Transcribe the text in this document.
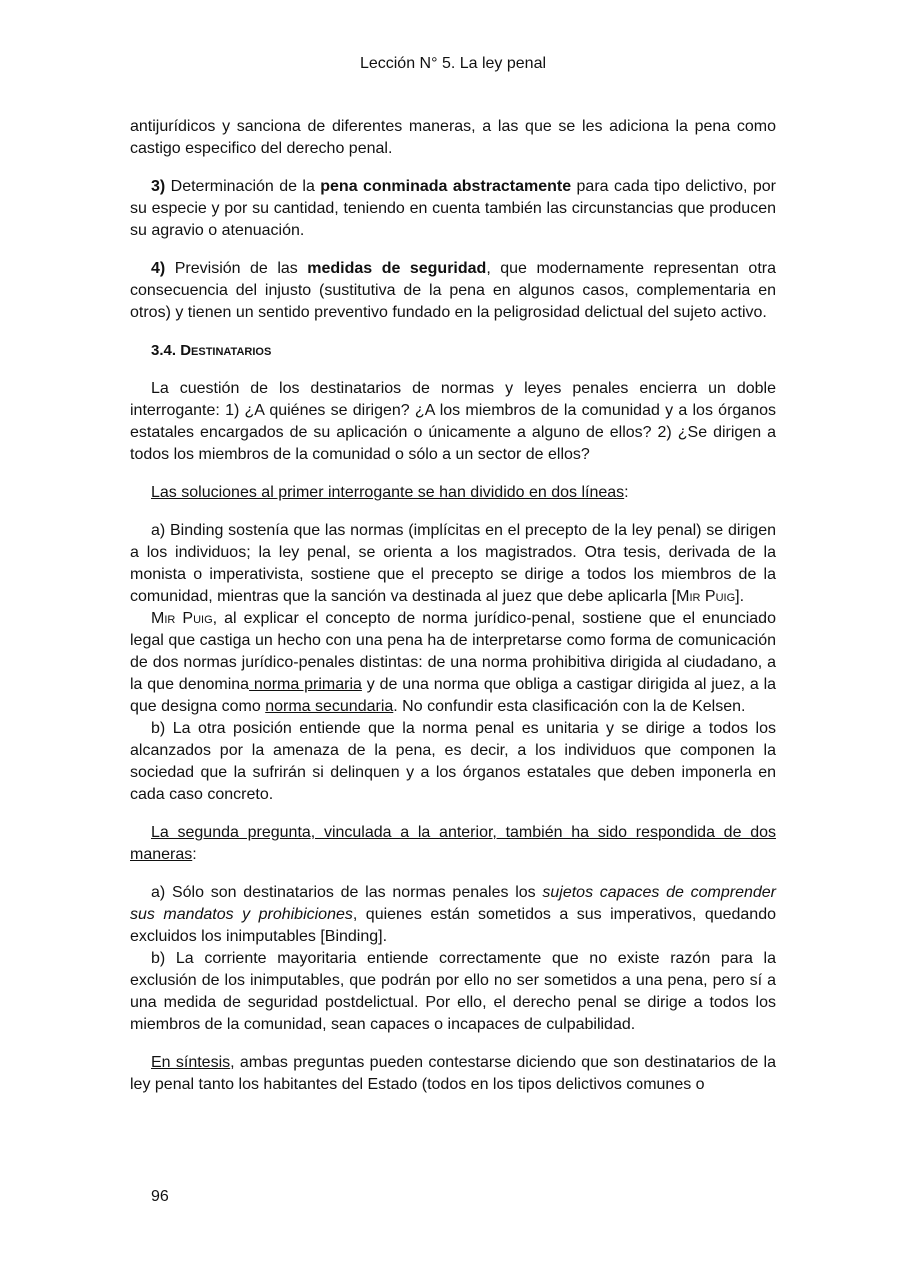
Lección N° 5. La ley penal

antijurídicos y sanciona de diferentes maneras, a las que se les adiciona la pena como castigo especifico del derecho penal.

3) Determinación de la pena conminada abstractamente para cada tipo delictivo, por su especie y por su cantidad, teniendo en cuenta también las circunstancias que producen su agravio o atenuación.

4) Previsión de las medidas de seguridad, que modernamente representan otra consecuencia del injusto (sustitutiva de la pena en algunos casos, complementaria en otros) y tienen un sentido preventivo fundado en la peligrosidad delictual del sujeto activo.

3.4. Destinatarios

La cuestión de los destinatarios de normas y leyes penales encierra un doble interrogante: 1) ¿A quiénes se dirigen? ¿A los miembros de la comunidad y a los órganos estatales encargados de su aplicación o únicamente a alguno de ellos? 2) ¿Se dirigen a todos los miembros de la comunidad o sólo a un sector de ellos?

Las soluciones al primer interrogante se han dividido en dos líneas:

a) Binding sostenía que las normas (implícitas en el precepto de la ley penal) se dirigen a los individuos; la ley penal, se orienta a los magistrados. Otra tesis, derivada de la monista o imperativista, sostiene que el precepto se dirige a todos los miembros de la comunidad, mientras que la sanción va destinada al juez que debe aplicarla [Mir Puig].

Mir Puig, al explicar el concepto de norma jurídico-penal, sostiene que el enunciado legal que castiga un hecho con una pena ha de interpretarse como forma de comunicación de dos normas jurídico-penales distintas: de una norma prohibitiva dirigida al ciudadano, a la que denomina norma primaria y de una norma que obliga a castigar dirigida al juez, a la que designa como norma secundaria. No confundir esta clasificación con la de Kelsen.

b) La otra posición entiende que la norma penal es unitaria y se dirige a todos los alcanzados por la amenaza de la pena, es decir, a los individuos que componen la sociedad que la sufrirán si delinquen y a los órganos estatales que deben imponerla en cada caso concreto.

La segunda pregunta, vinculada a la anterior, también ha sido respondida de dos maneras:

a) Sólo son destinatarios de las normas penales los sujetos capaces de comprender sus mandatos y prohibiciones, quienes están sometidos a sus imperativos, quedando excluidos los inimputables [Binding].

b) La corriente mayoritaria entiende correctamente que no existe razón para la exclusión de los inimputables, que podrán por ello no ser sometidos a una pena, pero sí a una medida de seguridad postdelictual. Por ello, el derecho penal se dirige a todos los miembros de la comunidad, sean capaces o incapaces de culpabilidad.

En síntesis, ambas preguntas pueden contestarse diciendo que son destinatarios de la ley penal tanto los habitantes del Estado (todos en los tipos delictivos comunes o

96
